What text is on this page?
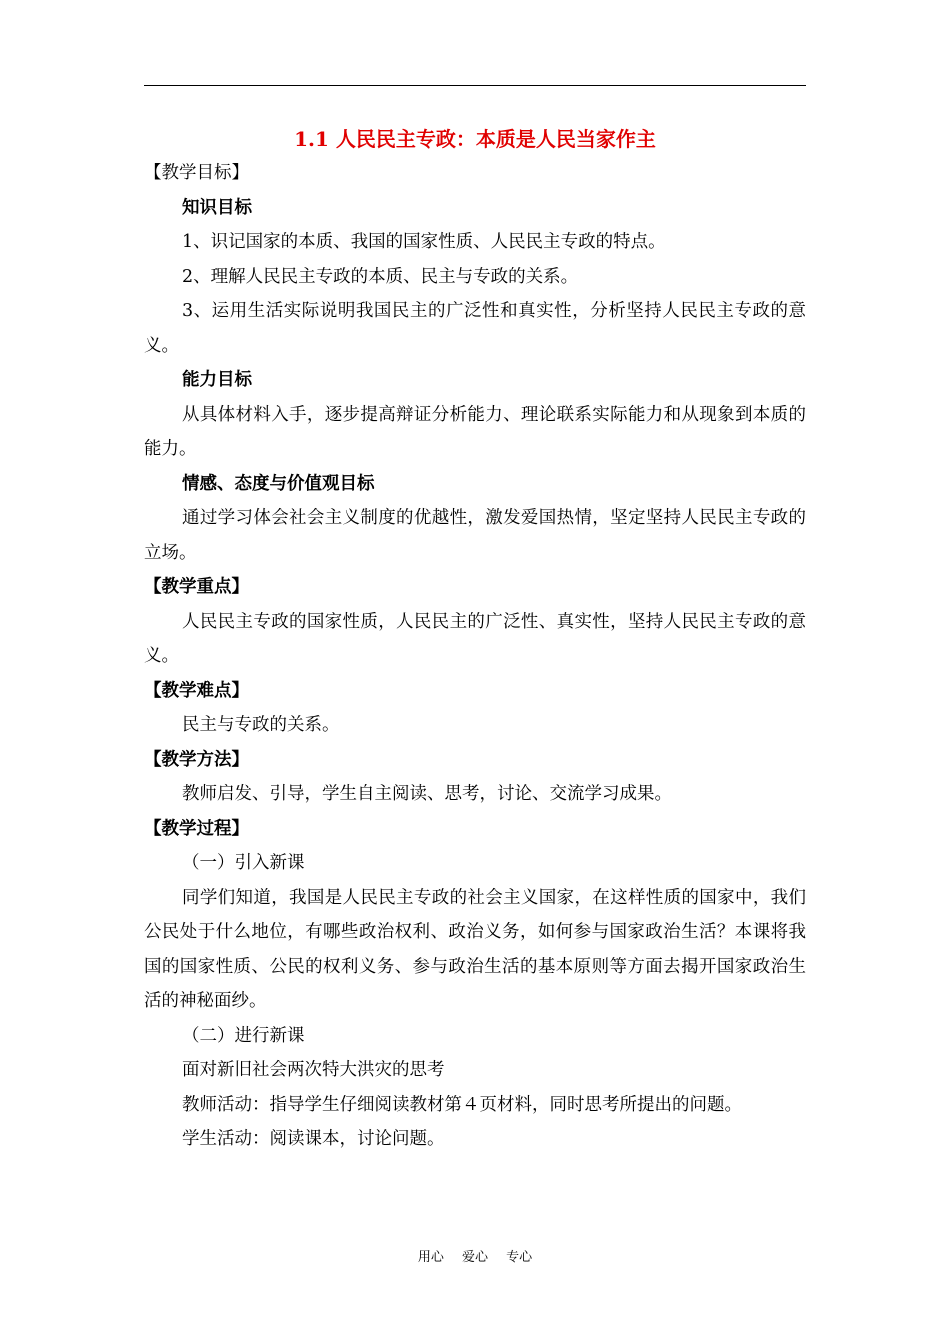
1.1 人民民主专政：本质是人民当家作主

【教学目标】

知识目标

1、识记国家的本质、我国的国家性质、人民民主专政的特点。

2、理解人民民主专政的本质、民主与专政的关系。

3、运用生活实际说明我国民主的广泛性和真实性，分析坚持人民民主专政的意义。

能力目标

从具体材料入手，逐步提高辩证分析能力、理论联系实际能力和从现象到本质的能力。

情感、态度与价值观目标

通过学习体会社会主义制度的优越性，激发爱国热情，坚定坚持人民民主专政的立场。

【教学重点】

人民民主专政的国家性质，人民民主的广泛性、真实性，坚持人民民主专政的意义。

【教学难点】

民主与专政的关系。

【教学方法】

教师启发、引导，学生自主阅读、思考，讨论、交流学习成果。

【教学过程】

（一）引入新课

同学们知道，我国是人民民主专政的社会主义国家，在这样性质的国家中，我们公民处于什么地位，有哪些政治权利、政治义务，如何参与国家政治生活？本课将我国的国家性质、公民的权利义务、参与政治生活的基本原则等方面去揭开国家政治生活的神秘面纱。

（二）进行新课

面对新旧社会两次特大洪灾的思考

教师活动：指导学生仔细阅读教材第４页材料，同时思考所提出的问题。

学生活动：阅读课本，讨论问题。

用心 爱心 专心
